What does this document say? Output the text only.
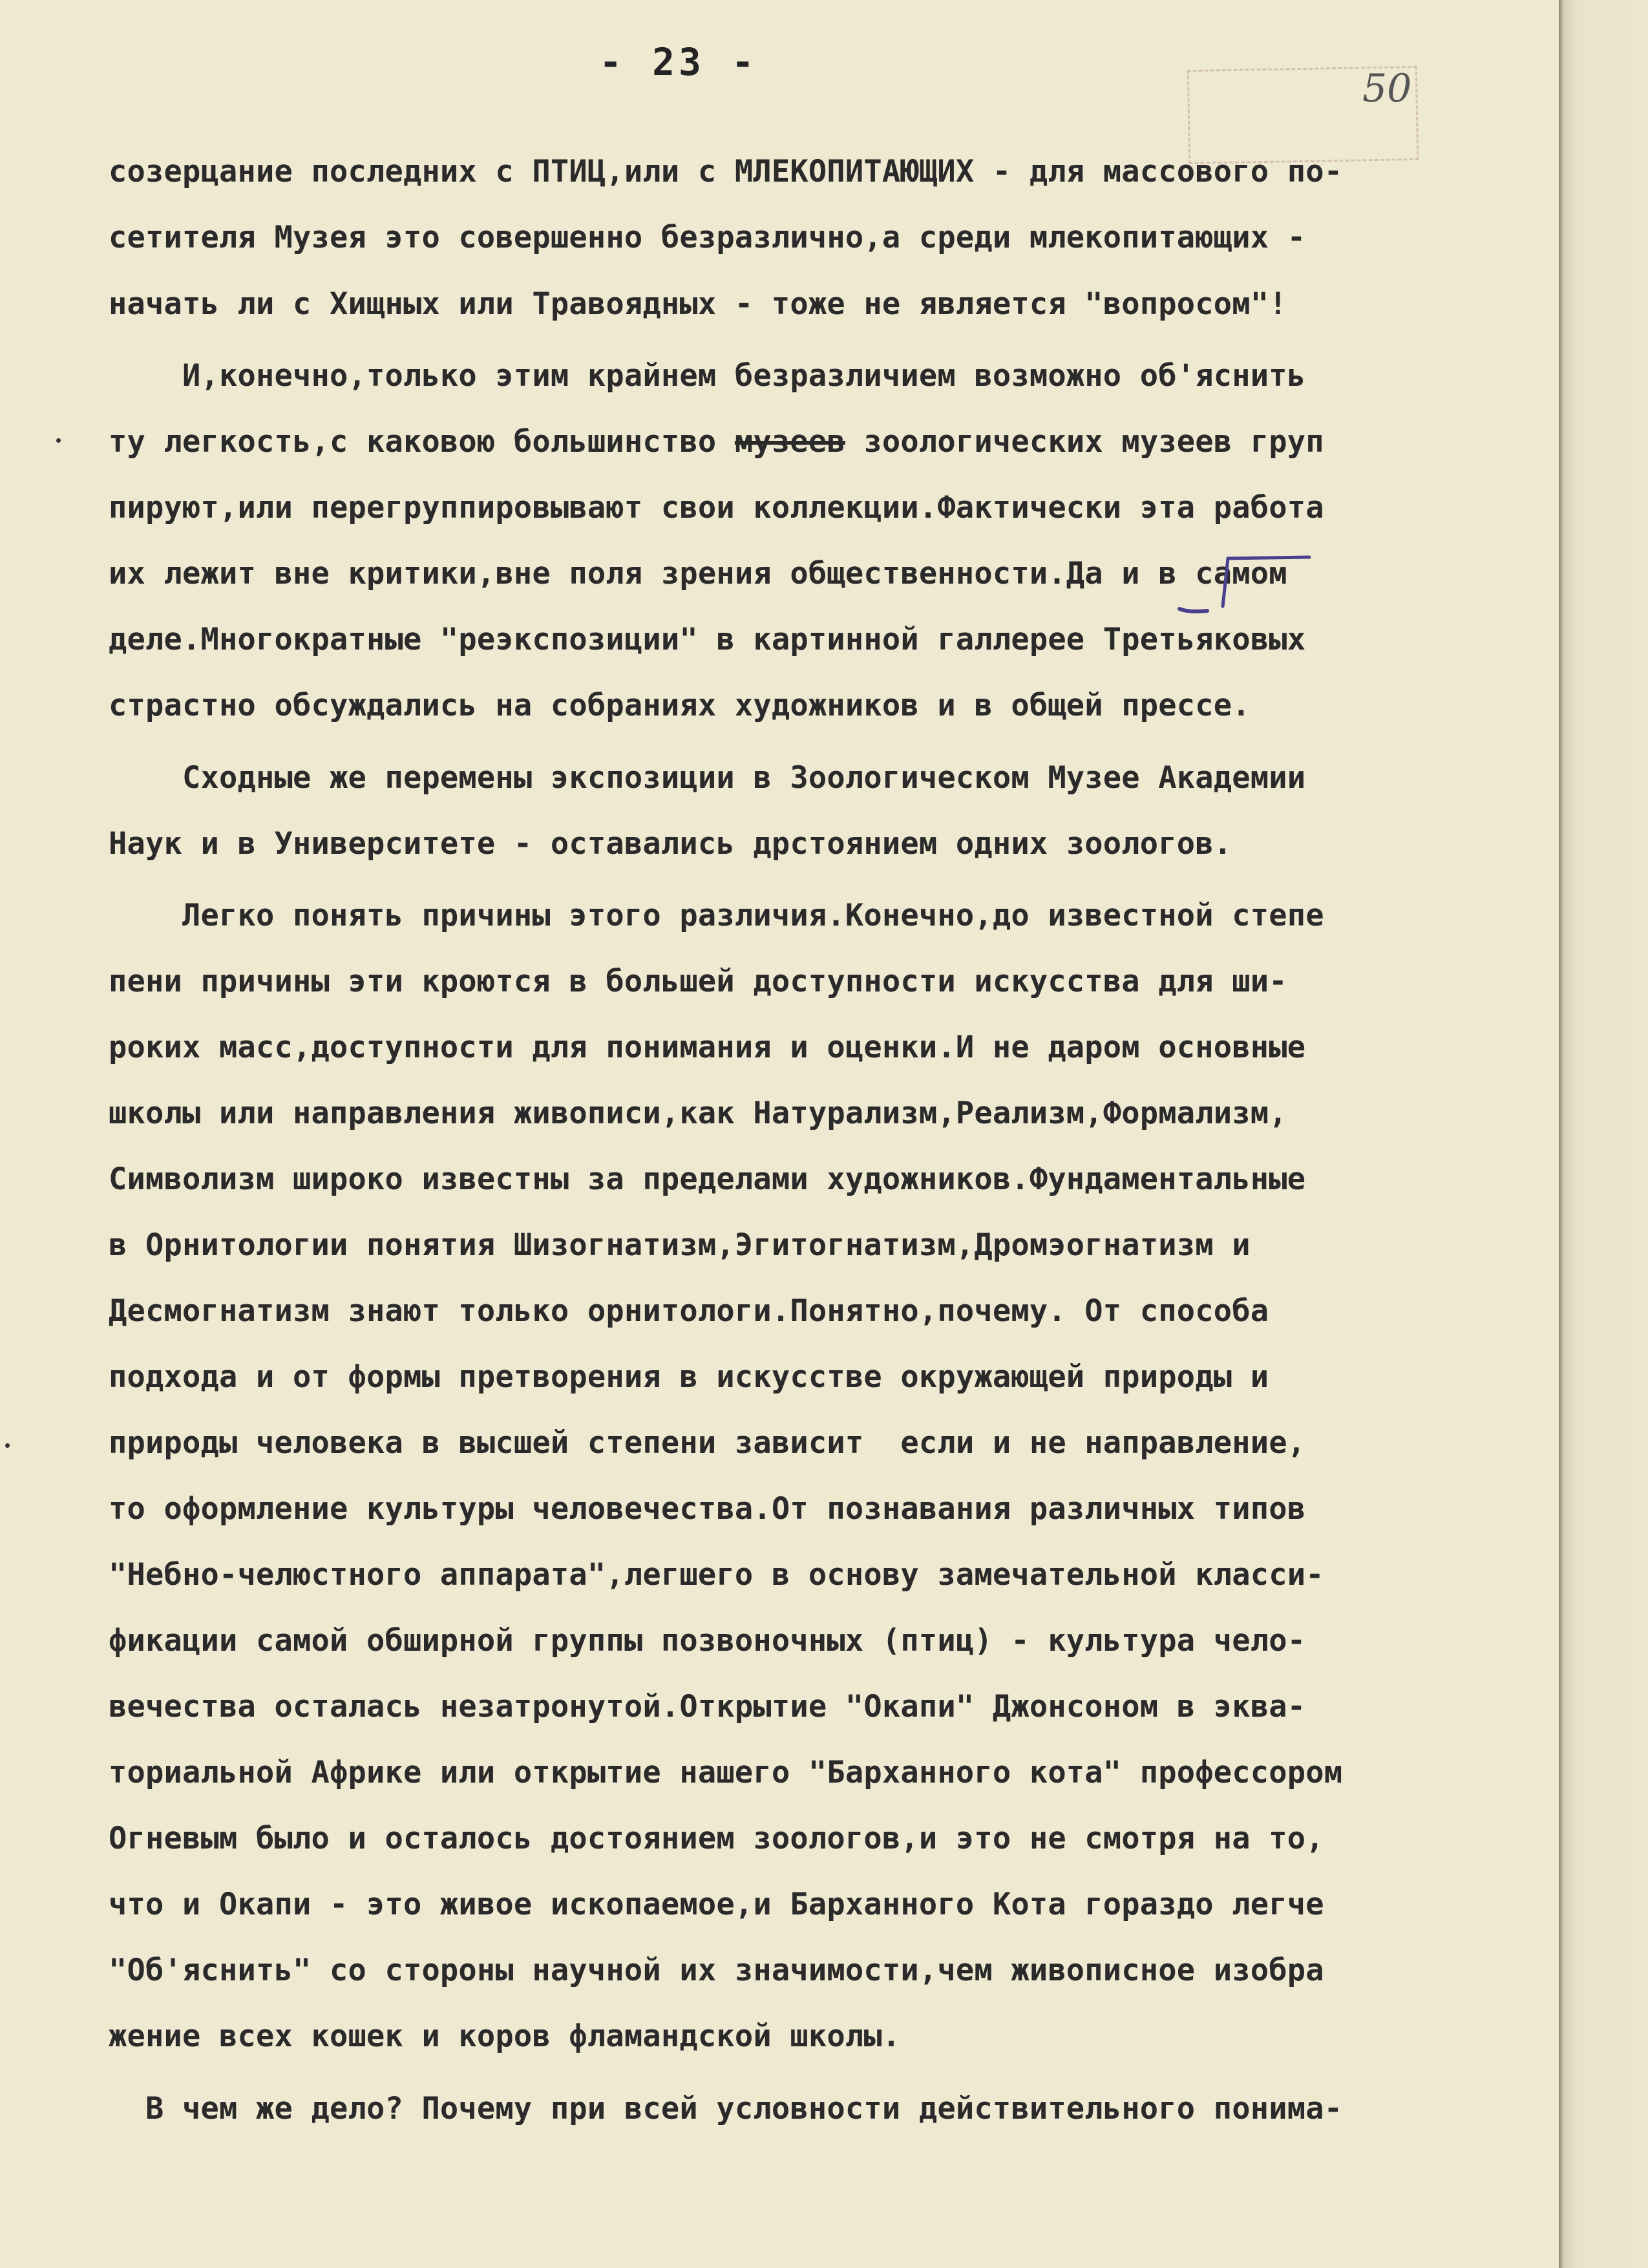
- 23 -
50
созерцание последних с ПТИЦ,или с МЛЕКОПИТАЮЩИХ - для массового по-
сетителя Музея это совершенно безразлично,а среди млекопитающих -
начать ли с Хищных или Травоядных - тоже не является "вопросом"!
И,конечно,только этим крайнем безразличием возможно об'яснить
ту легкость,с каковою большинство музеев зоологических музеев груп
пируют,или перегруппировывают свои коллекции.Фактически эта работа
их лежит вне критики,вне поля зрения общественности.Да и в самом
деле.Многократные "реэкспозиции" в картинной галлерее Третьяковых
страстно обсуждались на собраниях художников и в общей прессе.
Сходные же перемены экспозиции в Зоологическом Музее Академии
Наук и в Университете - оставались дрстоянием одних зоологов.
Легко понять причины этого различия.Конечно,до известной степе
пени причины эти кроются в большей доступности искусства для ши-
роких масс,доступности для понимания и оценки.И не даром основные
школы или направления живописи,как Натурализм,Реализм,Формализм,
Символизм широко известны за пределами художников.Фундаментальные
в Орнитологии понятия Шизогнатизм,Эгитогнатизм,Дромэогнатизм и
Десмогнатизм знают только орнитологи.Понятно,почему. От способа
подхода и от формы претворения в искусстве окружающей природы и
природы человека в высшей степени зависит  если и не направление,
то оформление культуры человечества.От познавания различных типов
"Небно-челюстного аппарата",легшего в основу замечательной класси-
фикации самой обширной группы позвоночных (птиц) - культура чело-
вечества осталась незатронутой.Открытие "Окапи" Джонсоном в эква-
ториальной Африке или открытие нашего "Барханного кота" профессором
Огневым было и осталось достоянием зоологов,и это не смотря на то,
что и Окапи - это живое ископаемое,и Барханного Кота гораздо легче
"Об'яснить" со стороны научной их значимости,чем живописное изобра
жение всех кошек и коров фламандской школы.
В чем же дело? Почему при всей условности действительного понима-
